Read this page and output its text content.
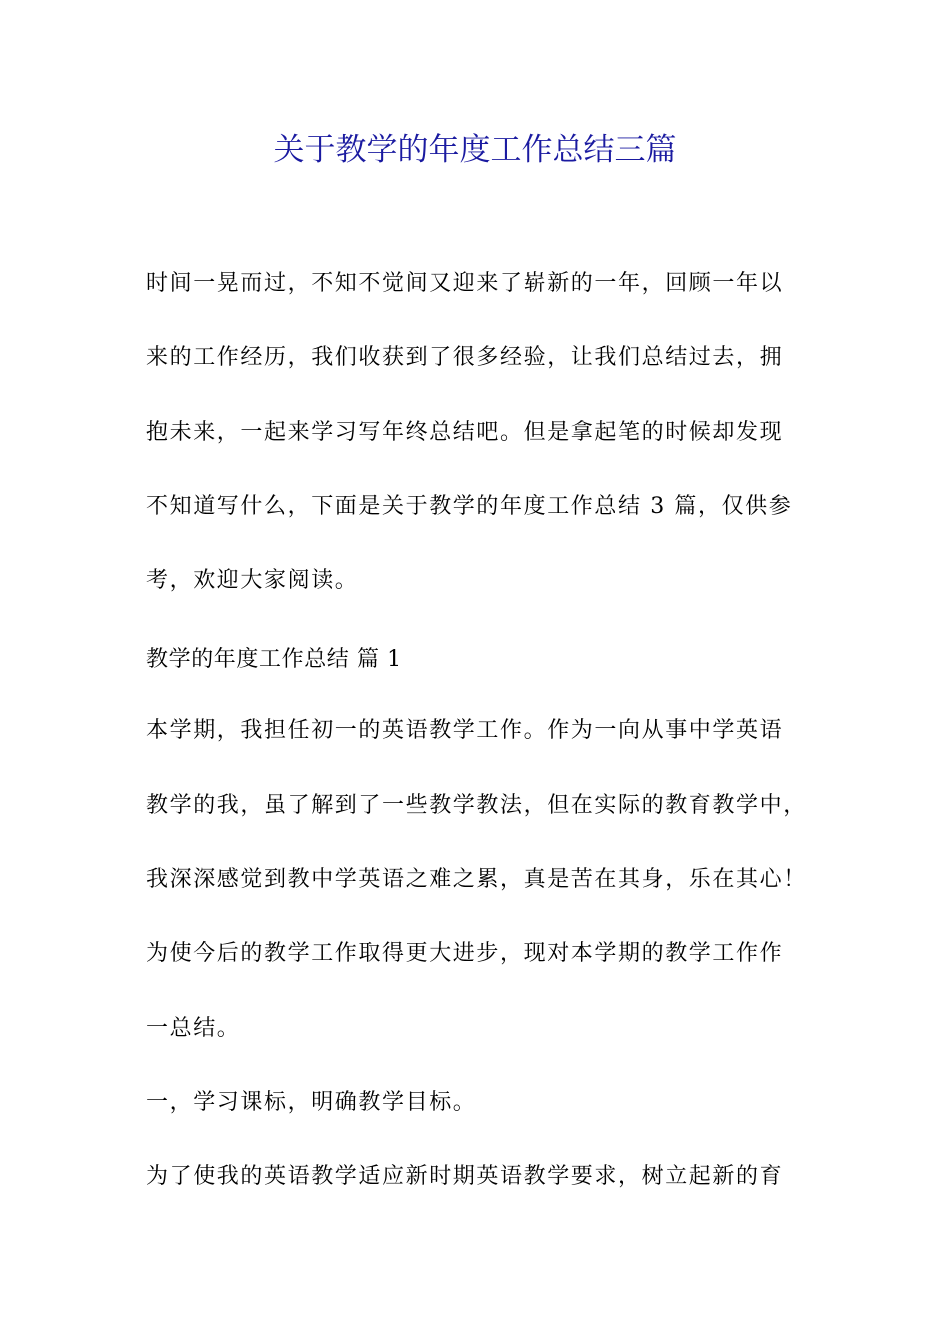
关于教学的年度工作总结三篇
时间一晃而过，不知不觉间又迎来了崭新的一年，回顾一年以
来的工作经历，我们收获到了很多经验，让我们总结过去，拥
抱未来，一起来学习写年终总结吧。但是拿起笔的时候却发现
不知道写什么，下面是关于教学的年度工作总结 3 篇，仅供参
考，欢迎大家阅读。
教学的年度工作总结 篇 1
本学期，我担任初一的英语教学工作。作为一向从事中学英语
教学的我，虽了解到了一些教学教法，但在实际的教育教学中，
我深深感觉到教中学英语之难之累，真是苦在其身，乐在其心！
为使今后的教学工作取得更大进步，现对本学期的教学工作作
一总结。
一，学习课标，明确教学目标。
为了使我的英语教学适应新时期英语教学要求，树立起新的育
